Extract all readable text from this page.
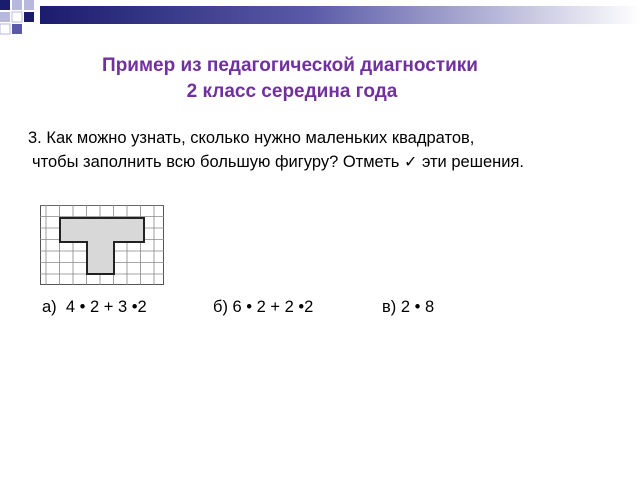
Пример из педагогической диагностики
2 класс середина года
3. Как можно узнать, сколько нужно маленьких квадратов,
чтобы заполнить всю большую фигуру? Отметь ✓ эти решения.
а) 4 • 2 + 3 •2	б) 6 • 2 + 2 •2	в) 2 • 8
